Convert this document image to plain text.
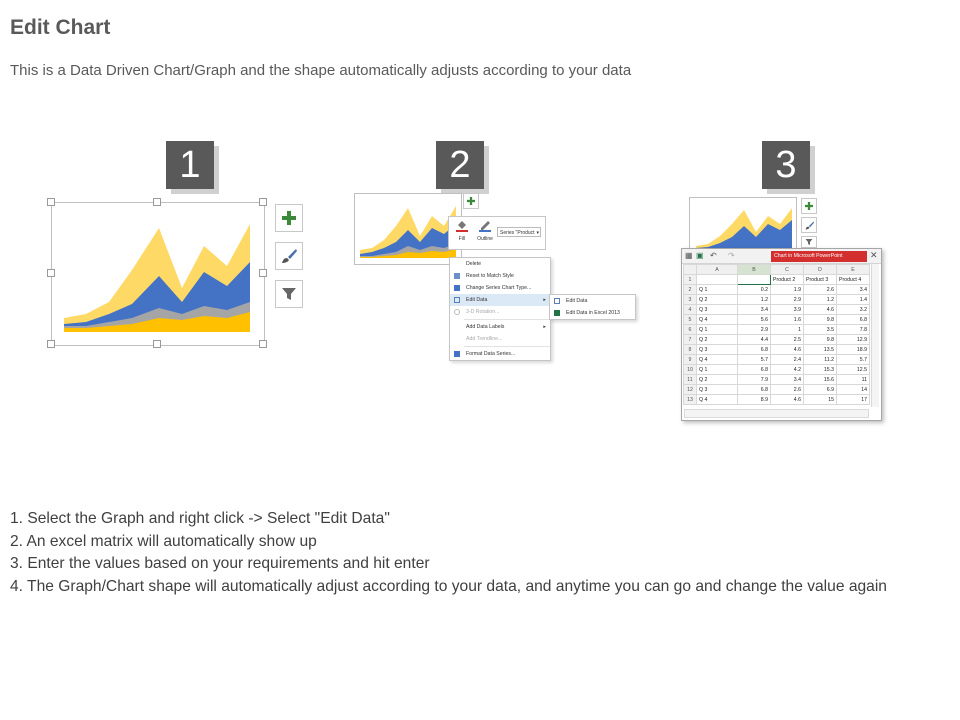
Edit Chart
This is a Data Driven Chart/Graph and the shape automatically adjusts according to your data
1	2	3
Fill	Outline
Series "Product ▾
Delete
Reset to Match Style
Change Series Chart Type...
Edit Data	▸
3-D Rotation...
Add Data Labels	▸
Add Trendline...
Format Data Series...
Edit Data
Edit Data in Excel 2013
▦ ▣ ↶ ↷	Chart in Microsoft PowerPoint	✕
	A	B	C	D	E
1			Product 2	Product 3	Product 4
2	Q 1	0.2	1.9	2.6	3.4
3	Q 2	1.2	2.9	1.2	1.4
4	Q 3	3.4	3.9	4.6	3.2
5	Q 4	5.6	1.6	9.8	6.8
6	Q 1	2.9	1	3.5	7.8
7	Q 2	4.4	2.5	9.8	12.9
8	Q 3	6.8	4.6	13.5	18.9
9	Q 4	5.7	2.4	11.2	5.7
10	Q 1	6.8	4.2	15.3	12.5
11	Q 2	7.9	3.4	15.6	11
12	Q 3	6.8	2.6	6.9	14
13	Q 4	8.9	4.6	15	17
1. Select the Graph and right click -> Select "Edit Data"
2. An excel matrix will automatically show up
3. Enter the values based on your requirements and hit enter
4. The Graph/Chart shape will automatically adjust according to your data, and anytime you can go and change the value again
